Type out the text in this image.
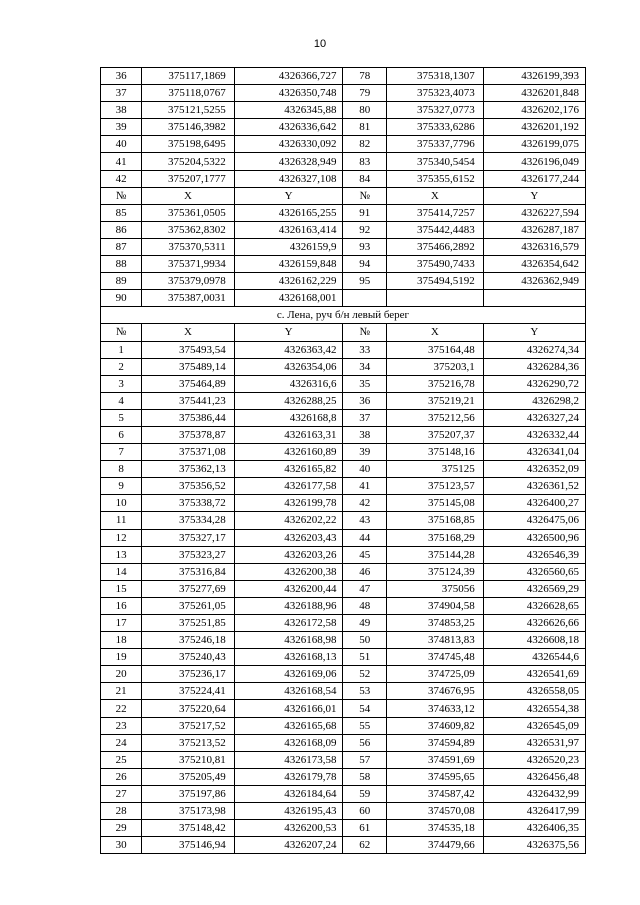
10
36	375117,1869	4326366,727	78	375318,1307	4326199,393
37	375118,0767	4326350,748	79	375323,4073	4326201,848
38	375121,5255	4326345,88	80	375327,0773	4326202,176
39	375146,3982	4326336,642	81	375333,6286	4326201,192
40	375198,6495	4326330,092	82	375337,7796	4326199,075
41	375204,5322	4326328,949	83	375340,5454	4326196,049
42	375207,1777	4326327,108	84	375355,6152	4326177,244
№	X	Y	№	X	Y
85	375361,0505	4326165,255	91	375414,7257	4326227,594
86	375362,8302	4326163,414	92	375442,4483	4326287,187
87	375370,5311	4326159,9	93	375466,2892	4326316,579
88	375371,9934	4326159,848	94	375490,7433	4326354,642
89	375379,0978	4326162,229	95	375494,5192	4326362,949
90	375387,0031	4326168,001			
с. Лена, руч б/н левый берег					
№	X	Y	№	X	Y
1	375493,54	4326363,42	33	375164,48	4326274,34
2	375489,14	4326354,06	34	375203,1	4326284,36
3	375464,89	4326316,6	35	375216,78	4326290,72
4	375441,23	4326288,25	36	375219,21	4326298,2
5	375386,44	4326168,8	37	375212,56	4326327,24
6	375378,87	4326163,31	38	375207,37	4326332,44
7	375371,08	4326160,89	39	375148,16	4326341,04
8	375362,13	4326165,82	40	375125	4326352,09
9	375356,52	4326177,58	41	375123,57	4326361,52
10	375338,72	4326199,78	42	375145,08	4326400,27
11	375334,28	4326202,22	43	375168,85	4326475,06
12	375327,17	4326203,43	44	375168,29	4326500,96
13	375323,27	4326203,26	45	375144,28	4326546,39
14	375316,84	4326200,38	46	375124,39	4326560,65
15	375277,69	4326200,44	47	375056	4326569,29
16	375261,05	4326188,96	48	374904,58	4326628,65
17	375251,85	4326172,58	49	374853,25	4326626,66
18	375246,18	4326168,98	50	374813,83	4326608,18
19	375240,43	4326168,13	51	374745,48	4326544,6
20	375236,17	4326169,06	52	374725,09	4326541,69
21	375224,41	4326168,54	53	374676,95	4326558,05
22	375220,64	4326166,01	54	374633,12	4326554,38
23	375217,52	4326165,68	55	374609,82	4326545,09
24	375213,52	4326168,09	56	374594,89	4326531,97
25	375210,81	4326173,58	57	374591,69	4326520,23
26	375205,49	4326179,78	58	374595,65	4326456,48
27	375197,86	4326184,64	59	374587,42	4326432,99
28	375173,98	4326195,43	60	374570,08	4326417,99
29	375148,42	4326200,53	61	374535,18	4326406,35
30	375146,94	4326207,24	62	374479,66	4326375,56
